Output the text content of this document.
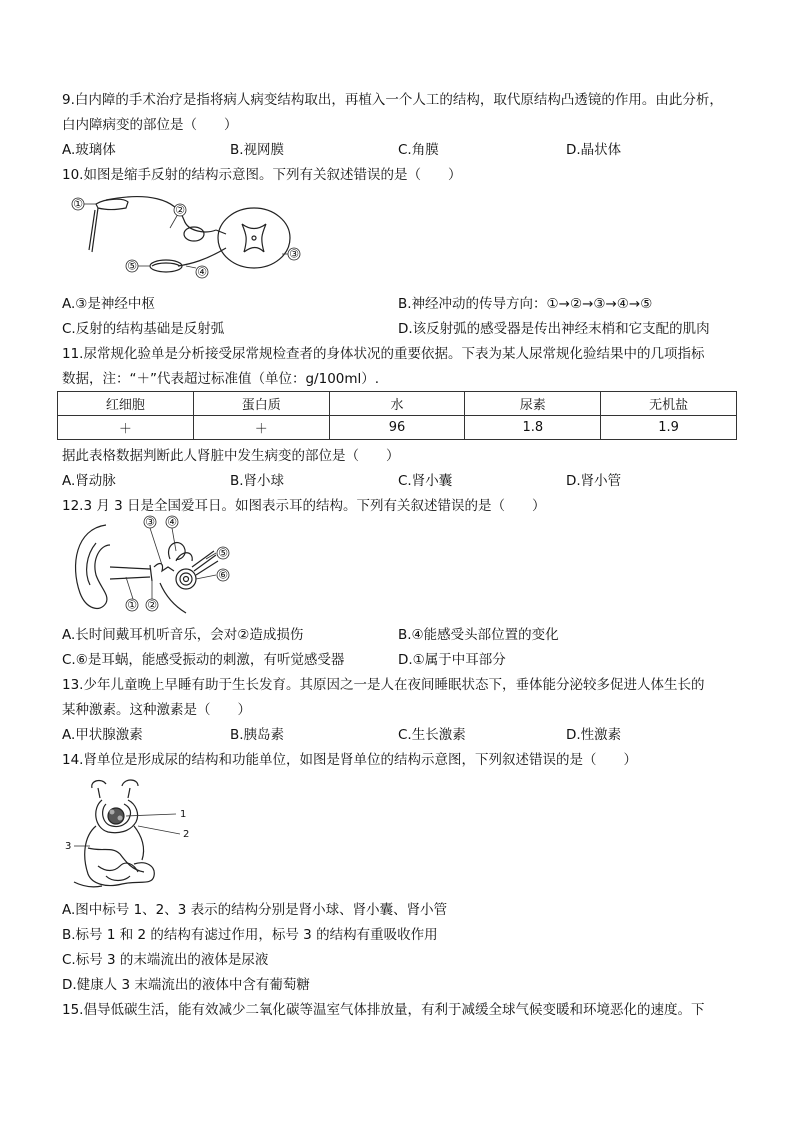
9.白内障的手术治疗是指将病人病变结构取出，再植入一个人工的结构，取代原结构凸透镜的作用。由此分析，
白内障病变的部位是（　　）
A.玻璃体	B.视网膜	C.角膜	D.晶状体
10.如图是缩手反射的结构示意图。下列有关叙述错误的是（　　）
①	②
③
④
⑤
A.③是神经中枢	B.神经冲动的传导方向：①→②→③→④→⑤
C.反射的结构基础是反射弧	D.该反射弧的感受器是传出神经末梢和它支配的肌肉
11.尿常规化验单是分析接受尿常规检查者的身体状况的重要依据。下表为某人尿常规化验结果中的几项指标
数据，注：“＋”代表超过标准值（单位：g/100ml）.
红细胞	蛋白质	水	尿素	无机盐
＋	＋	96	1.8	1.9
据此表格数据判断此人肾脏中发生病变的部位是（　　）
A.肾动脉	B.肾小球	C.肾小囊	D.肾小管
12.3 月 3 日是全国爱耳日。如图表示耳的结构。下列有关叙述错误的是（　　）
① ②
③ ④
⑤
⑥
A.长时间戴耳机听音乐，会对②造成损伤	B.④能感受头部位置的变化
C.⑥是耳蜗，能感受振动的刺激，有听觉感受器	D.①属于中耳部分
13.少年儿童晚上早睡有助于生长发育。其原因之一是人在夜间睡眠状态下，垂体能分泌较多促进人体生长的
某种激素。这种激素是（　　）
A.甲状腺激素	B.胰岛素	C.生长激素	D.性激素
14.肾单位是形成尿的结构和功能单位，如图是肾单位的结构示意图，下列叙述错误的是（　　）
1
2
3
A.图中标号 1、2、3 表示的结构分别是肾小球、肾小囊、肾小管
B.标号 1 和 2 的结构有滤过作用，标号 3 的结构有重吸收作用
C.标号 3 的末端流出的液体是尿液
D.健康人 3 末端流出的液体中含有葡萄糖
15.倡导低碳生活，能有效减少二氧化碳等温室气体排放量，有利于减缓全球气候变暖和环境恶化的速度。下
